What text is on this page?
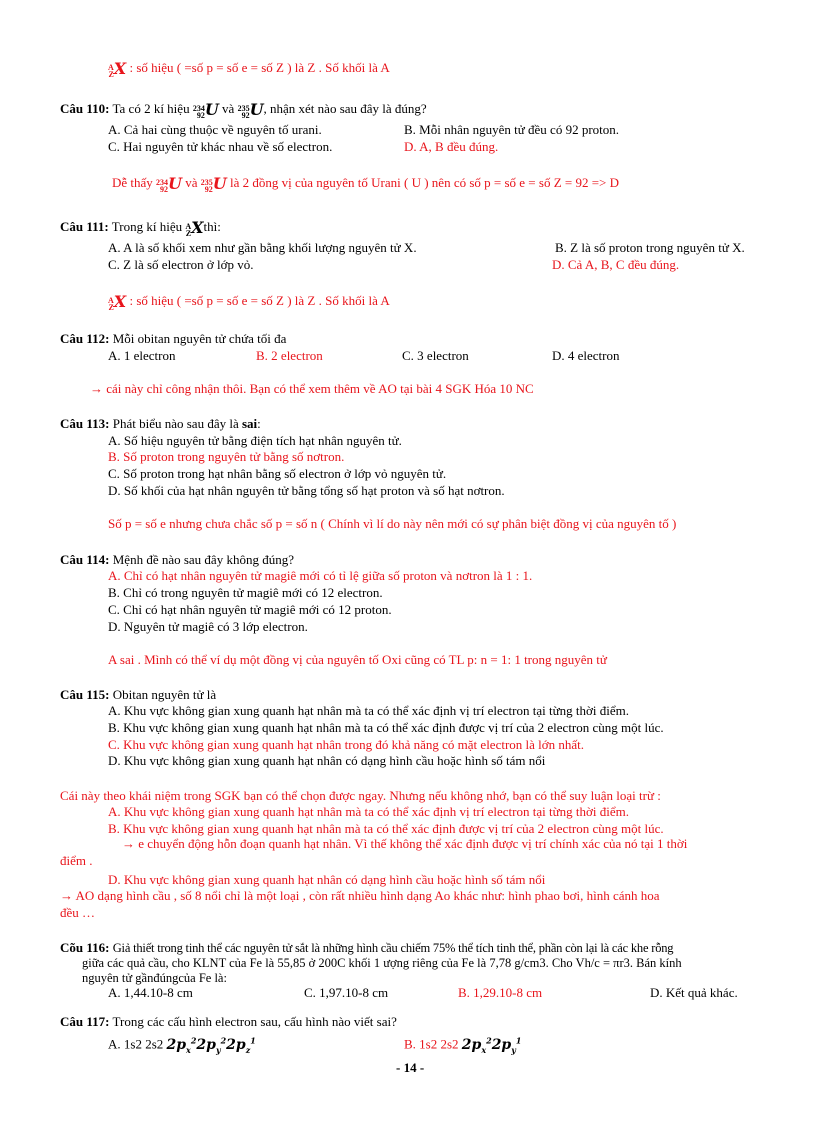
A
ZX : số hiệu ( =số p = số e = số Z ) là Z . Số khối là A
Câu 110: Ta có 2 kí hiệu 234
92U và 235
92U, nhận xét nào sau đây là đúng?
A. Cả hai cùng thuộc về nguyên tố urani.	B. Mỗi nhân nguyên tử đều có 92 proton.
C. Hai nguyên tử khác nhau về số electron.	D. A, B đều đúng.
Dễ thấy 234
92U và 235
92U là 2 đồng vị của nguyên tố Urani ( U ) nên có số p = số e = số Z = 92 => D
Câu 111: Trong kí hiệu A
ZXthì:
A. A là số khối xem như gần bằng khối lượng nguyên tử X.	B. Z là số proton trong nguyên tử X.
C. Z là số electron ở lớp vỏ.	D. Cả A, B, C đều đúng.
A
ZX : số hiệu ( =số p = số e = số Z ) là Z . Số khối là A
Câu 112: Mỗi obitan nguyên tử chứa tối đa
A. 1 electron	B. 2 electron	C. 3 electron	D. 4 electron
→ cái này chỉ công nhận thôi. Bạn có thể xem thêm về AO tại bài 4 SGK Hóa 10 NC
Câu 113: Phát biểu nào sau đây là sai:
A. Số hiệu nguyên tử bằng điện tích hạt nhân nguyên tử.
B. Số proton trong nguyên tử bằng số nơtron.
C. Số proton trong hạt nhân bằng số electron ở lớp vỏ nguyên tử.
D. Số khối của hạt nhân nguyên tử bằng tổng số hạt proton và số hạt nơtron.
Số p = số e nhưng chưa chắc số p = số n ( Chính vì lí do này nên mới có sự phân biệt đồng vị của nguyên tố )
Câu 114: Mệnh đề nào sau đây không đúng?
A. Chỉ có hạt nhân nguyên tử magiê mới có tỉ lệ giữa số proton và nơtron là 1 : 1.
B. Chỉ có trong nguyên tử magiê mới có 12 electron.
C. Chỉ có hạt nhân nguyên tử magiê mới có 12 proton.
D. Nguyên tử magiê có 3 lớp electron.
A sai . Mình có thể ví dụ một đồng vị của nguyên tố Oxi cũng có TL p: n = 1: 1 trong nguyên tử
Câu 115: Obitan nguyên tử là
A. Khu vực không gian xung quanh hạt nhân mà ta có thể xác định vị trí electron tại từng thời điểm.
B. Khu vực không gian xung quanh hạt nhân mà ta có thể xác định được vị trí của 2 electron cùng một lúc.
C. Khu vực không gian xung quanh hạt nhân trong đó khả năng có mặt electron là lớn nhất.
D. Khu vực không gian xung quanh hạt nhân có dạng hình cầu hoặc hình số tám nổi
Cái này theo khái niệm trong SGK bạn có thể chọn được ngay. Nhưng nếu không nhớ, bạn có thể suy luận loại trừ :
A. Khu vực không gian xung quanh hạt nhân mà ta có thể xác định vị trí electron tại từng thời điểm.
B. Khu vực không gian xung quanh hạt nhân mà ta có thể xác định được vị trí của 2 electron cùng một lúc.
→ e chuyển động hỗn đoạn quanh hạt nhân. Vì thế không thể xác định được vị trí chính xác của nó tại 1 thời
điểm .
D. Khu vực không gian xung quanh hạt nhân có dạng hình cầu hoặc hình số tám nổi
→ AO dạng hình cầu , số 8 nổi chỉ là một loại , còn rất nhiều hình dạng Ao khác như: hình phao bơi, hình cánh hoa
đều …
Cõu 116: Giả thiết trong tinh thể các nguyên tử sắt là những hình cầu chiếm 75% thể tích tinh thể, phần còn lại là các khe rỗng
giữa các quả cầu, cho KLNT của Fe là 55,85 ở 200C khối 1 ượng riêng của Fe là 7,78 g/cm3. Cho Vh/c = πr3. Bán kính
nguyên tử gầnđúngcủa Fe là:
A. 1,44.10-8 cm	C. 1,97.10-8 cm	B. 1,29.10-8 cm	D. Kết quả khác.
Câu 117: Trong các cấu hình electron sau, cấu hình nào viết sai?
A. 1s2 2s2 $2p_x^22p_y^22p_z^1$	B. 1s2 2s2 $2p_x^22p_y^1$
- 14 -
